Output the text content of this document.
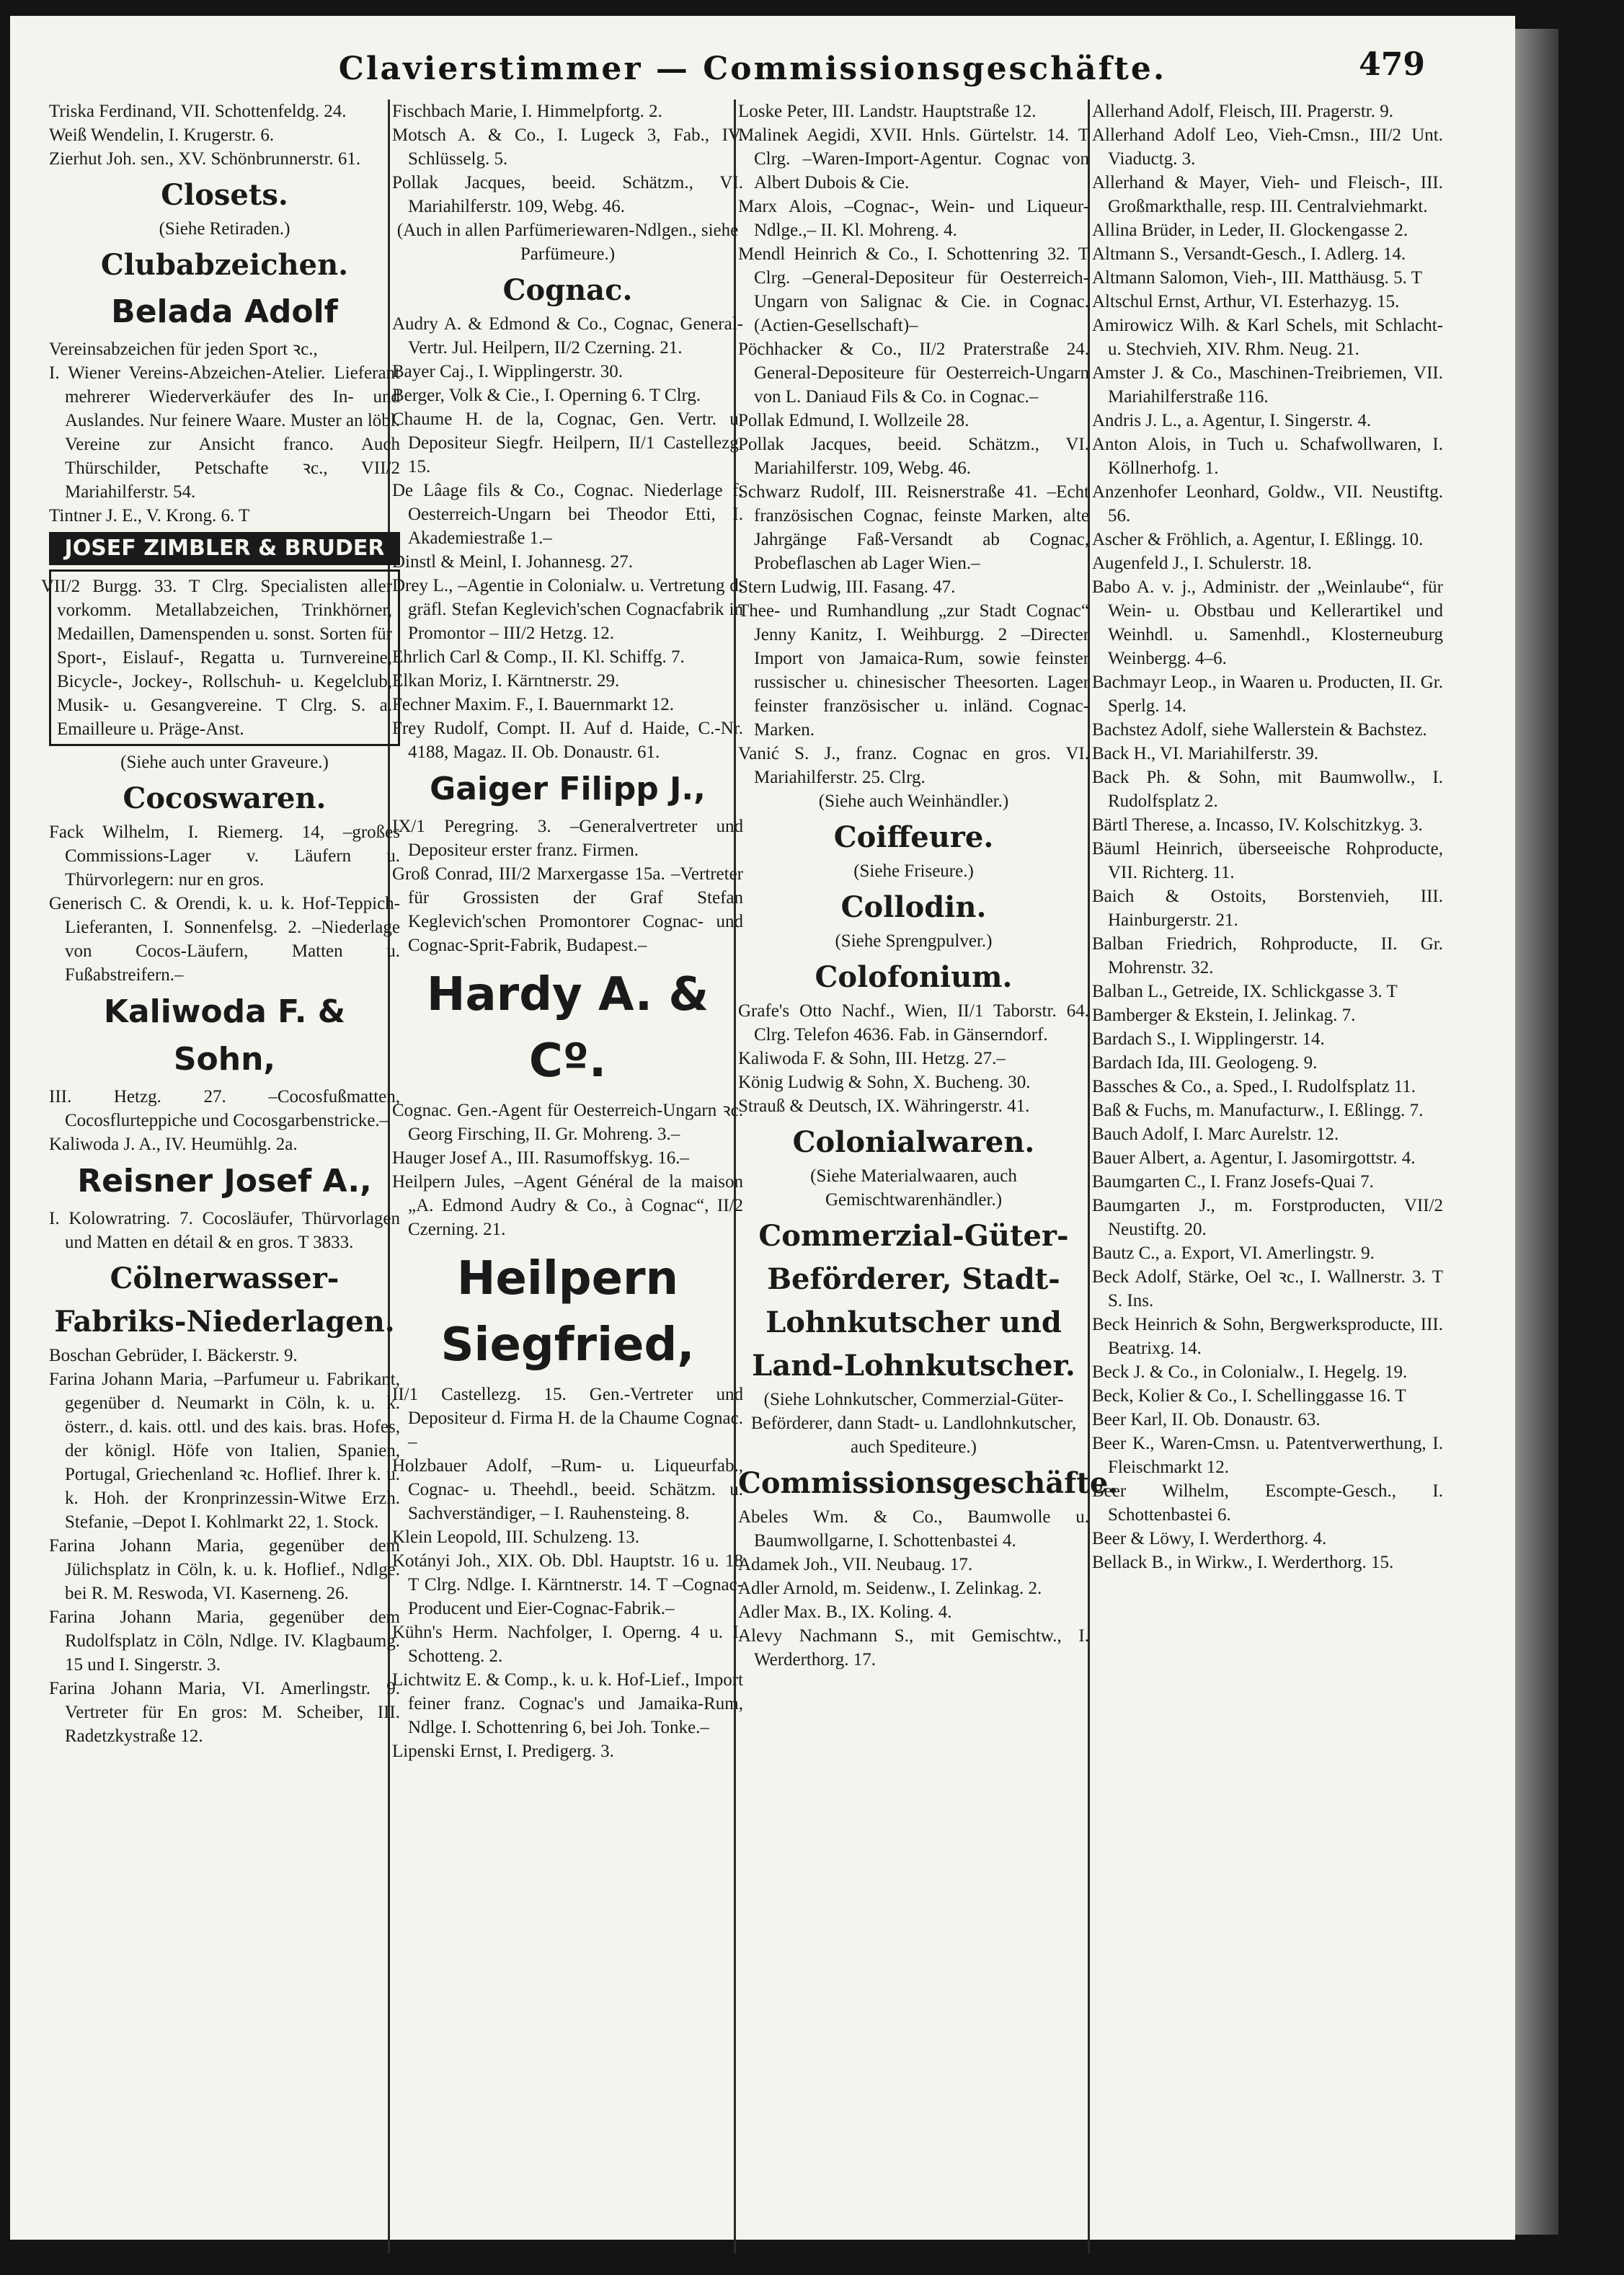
Claviers​timmer — Commissionsgeschäfte.	479
Triska Ferdinand, VII. Schottenfeldg. 24.
Weiß Wendelin, I. Krugerstr. 6.
Zierhut Joh. sen., XV. Schönbrunnerstr. 61.
Closets.
(Siehe Retiraden.)
Clubabzeichen.
Belada Adolf
Vereinsabzeichen für jeden Sport ꝛc.,
I. Wiener Vereins-Abzeichen-Atelier. Lieferant mehrerer Wiederverkäufer des In- und Auslandes. Nur feinere Waare. Muster an löbl. Vereine zur Ansicht franco. Auch Thürschilder, Petschafte ꝛc., VII/2 Mariahilferstr. 54.
Tintner J. E., V. Krong. 6. T
JOSEF ZIMBLER & BRUDER
VII/2 Burgg. 33. T Clrg. Specialisten aller vorkomm. Metallabzeichen, Trinkhörner, Medaillen, Damenspenden u. sonst. Sorten für Sport-, Eislauf-, Regatta u. Turnvereine, Bicycle-, Jockey-, Rollschuh- u. Kegelclub, Musik- u. Gesangvereine. T Clrg. S. a. Emailleure u. Präge-Anst.
(Siehe auch unter Graveure.)
Cocoswaren.
Fack Wilhelm, I. Riemerg. 14, –großes Commissions-Lager v. Läufern u. Thürvorlegern: nur en gros.
Generisch C. & Orendi, k. u. k. Hof-Teppich-Lieferanten, I. Sonnenfelsg. 2. –Niederlage von Cocos-Läufern, Matten u. Fußabstreifern.–
Kaliwoda F. & Sohn,
III. Hetzg. 27. –Cocosfußmatten, Cocosflurteppiche und Cocosgarbenstricke.–
Kaliwoda J. A., IV. Heumühlg. 2a.
Reisner Josef A.,
I. Kolowratring. 7. Cocosläufer, Thürvorlagen und Matten en détail & en gros. T 3833.
Cölnerwasser-Fabriks-Niederlagen.
Boschan Gebrüder, I. Bäckerstr. 9.
Farina Johann Maria, –Parfumeur u. Fabrikant, gegenüber d. Neumarkt in Cöln, k. u. k. österr., d. kais. ottl. und des kais. bras. Hofes, der königl. Höfe von Italien, Spanien, Portugal, Griechenland ꝛc. Hoflief. Ihrer k. u. k. Hoh. der Kronprinzessin-Witwe Erzh. Stefanie, –Depot I. Kohlmarkt 22, 1. Stock.
Farina Johann Maria, gegenüber dem Jülichsplatz in Cöln, k. u. k. Hoflief., Ndlge. bei R. M. Reswoda, VI. Kaserneng. 26.
Farina Johann Maria, gegenüber dem Rudolfsplatz in Cöln, Ndlge. IV. Klagbaumg. 15 und I. Singerstr. 3.
Farina Johann Maria, VI. Amerlingstr. 9. Vertreter für En gros: M. Scheiber, III. Radetzkystraße 12.
Fischbach Marie, I. Himmelpfortg. 2.
Motsch A. & Co., I. Lugeck 3, Fab., IV. Schlüsselg. 5.
Pollak Jacques, beeid. Schätzm., VI. Mariahilferstr. 109, Webg. 46.
(Auch in allen Parfümeriewaren-Ndlgen., siehe Parfümeure.)
Cognac.
Audry A. & Edmond & Co., Cognac, General-Vertr. Jul. Heilpern, II/2 Czerning. 21.
Bayer Caj., I. Wipplingerstr. 30.
Berger, Volk & Cie., I. Operning 6. T Clrg.
Chaume H. de la, Cognac, Gen. Vertr. u. Depositeur Siegfr. Heilpern, II/1 Castellezg. 15.
De Lâage fils & Co., Cognac. Niederlage f. Oesterreich-Ungarn bei Theodor Etti, I. Akademiestraße 1.–
Dinstl & Meinl, I. Johannesg. 27.
Drey L., –Agentie in Colonialw. u. Vertretung d. gräfl. Stefan Keglevich'schen Cognacfabrik in Promontor – III/2 Hetzg. 12.
Ehrlich Carl & Comp., II. Kl. Schiffg. 7.
Elkan Moriz, I. Kärntnerstr. 29.
Fechner Maxim. F., I. Bauernmarkt 12.
Frey Rudolf, Compt. II. Auf d. Haide, C.-Nr. 4188, Magaz. II. Ob. Donaustr. 61.
Gaiger Filipp J.,
IX/1 Peregring. 3. –Generalvertreter und Depositeur erster franz. Firmen.
Groß Conrad, III/2 Marxergasse 15a. –Vertreter für Grossisten der Graf Stefan Keglevich'schen Promontorer Cognac- und Cognac-Sprit-Fabrik, Budapest.–
Hardy A. & Cº.
Cognac. Gen.-Agent für Oesterreich-Ungarn ꝛc. Georg Firsching, II. Gr. Mohreng. 3.–
Hauger Josef A., III. Rasumoffskyg. 16.–
Heilpern Jules, –Agent Général de la maison „A. Edmond Audry & Co., à Cognac“, II/2 Czerning. 21.
Heilpern Siegfried,
II/1 Castellezg. 15. Gen.-Vertreter und Depositeur d. Firma H. de la Chaume Cognac. –
Holzbauer Adolf, –Rum- u. Liqueurfab., Cognac- u. Theehdl., beeid. Schätzm. u. Sachverständiger, – I. Rauhensteing. 8.
Klein Leopold, III. Schulzeng. 13.
Kotányi Joh., XIX. Ob. Dbl. Hauptstr. 16 u. 18 T Clrg. Ndlge. I. Kärntnerstr. 14. T –Cognac-Producent und Eier-Cognac-Fabrik.–
Kühn's Herm. Nachfolger, I. Operng. 4 u. I. Schotteng. 2.
Lichtwitz E. & Comp., k. u. k. Hof-Lief., Import feiner franz. Cognac's und Jamaika-Rum, Ndlge. I. Schottenring 6, bei Joh. Tonke.–
Lipenski Ernst, I. Predigerg. 3.
Loske Peter, III. Landstr. Hauptstraße 12.
Malinek Aegidi, XVII. Hnls. Gürtelstr. 14. T Clrg. –Waren-Import-Agentur. Cognac von Albert Dubois & Cie.
Marx Alois, –Cognac-, Wein- und Liqueur-Ndlge.,– II. Kl. Mohreng. 4.
Mendl Heinrich & Co., I. Schottenring 32. T Clrg. –General-Depositeur für Oesterreich-Ungarn von Salignac & Cie. in Cognac. (Actien-Gesellschaft)–
Pöchhacker & Co., II/2 Praterstraße 24. General-Depositeure für Oesterreich-Ungarn von L. Daniaud Fils & Co. in Cognac.–
Pollak Edmund, I. Wollzeile 28.
Pollak Jacques, beeid. Schätzm., VI. Mariahilferstr. 109, Webg. 46.
Schwarz Rudolf, III. Reisnerstraße 41. –Echt französischen Cognac, feinste Marken, alte Jahrgänge Faß-Versandt ab Cognac, Probeflaschen ab Lager Wien.–
Stern Ludwig, III. Fasang. 47.
Thee- und Rumhandlung „zur Stadt Cognac“ Jenny Kanitz, I. Weihburgg. 2 –Directer Import von Jamaica-Rum, sowie feinster russischer u. chinesischer Theesorten. Lager feinster französischer u. inländ. Cognac-Marken.
Vanić S. J., franz. Cognac en gros. VI. Mariahilferstr. 25. Clrg.
(Siehe auch Weinhändler.)
Coiffeure.
(Siehe Friseure.)
Collodin.
(Siehe Sprengpulver.)
Colofonium.
Grafe's Otto Nachf., Wien, II/1 Taborstr. 64. Clrg. Telefon 4636. Fab. in Gänserndorf.
Kaliwoda F. & Sohn, III. Hetzg. 27.–
König Ludwig & Sohn, X. Bucheng. 30.
Strauß & Deutsch, IX. Währingerstr. 41.
Colonialwaren.
(Siehe Materialwaaren, auch Gemischtwarenhändler.)
Commerzial-Güter-Beförderer, Stadt-Lohnkutscher und Land-Lohnkutscher.
(Siehe Lohnkutscher, Commerzial-Güter-Beförderer, dann Stadt- u. Landlohnkutscher, auch Spediteure.)
Commissionsgeschäfte.
Abeles Wm. & Co., Baumwolle u. Baumwollgarne, I. Schottenbastei 4.
Adamek Joh., VII. Neubaug. 17.
Adler Arnold, m. Seidenw., I. Zelinkag. 2.
Adler Max. B., IX. Koling. 4.
Alevy Nachmann S., mit Gemischtw., I. Werderthorg. 17.
Allerhand Adolf, Fleisch, III. Pragerstr. 9.
Allerhand Adolf Leo, Vieh-Cmsn., III/2 Unt. Viaductg. 3.
Allerhand & Mayer, Vieh- und Fleisch-, III. Großmarkthalle, resp. III. Centralviehmarkt.
Allina Brüder, in Leder, II. Glockengasse 2.
Altmann S., Versandt-Gesch., I. Adlerg. 14.
Altmann Salomon, Vieh-, III. Matthäusg. 5. T
Altschul Ernst, Arthur, VI. Esterhazyg. 15.
Amirowicz Wilh. & Karl Schels, mit Schlacht- u. Stechvieh, XIV. Rhm. Neug. 21.
Amster J. & Co., Maschinen-Treibriemen, VII. Mariahilferstraße 116.
Andris J. L., a. Agentur, I. Singerstr. 4.
Anton Alois, in Tuch u. Schafwollwaren, I. Köllnerhofg. 1.
Anzenhofer Leonhard, Goldw., VII. Neustiftg. 56.
Ascher & Fröhlich, a. Agentur, I. Eßlingg. 10.
Augenfeld J., I. Schulerstr. 18.
Babo A. v. j., Administr. der „Weinlaube“, für Wein- u. Obstbau und Kellerartikel und Weinhdl. u. Samenhdl., Klosterneuburg Weinbergg. 4–6.
Bachmayr Leop., in Waaren u. Producten, II. Gr. Sperlg. 14.
Bachstez Adolf, siehe Wallerstein & Bachstez.
Back H., VI. Mariahilferstr. 39.
Back Ph. & Sohn, mit Baumwollw., I. Rudolfsplatz 2.
Bärtl Therese, a. Incasso, IV. Kolschitzkyg. 3.
Bäuml Heinrich, überseeische Rohproducte, VII. Richterg. 11.
Baich & Ostoits, Borstenvieh, III. Hainburgerstr. 21.
Balban Friedrich, Rohproducte, II. Gr. Mohrenstr. 32.
Balban L., Getreide, IX. Schlickgasse 3. T
Bamberger & Ekstein, I. Jelinkag. 7.
Bardach S., I. Wipplingerstr. 14.
Bardach Ida, III. Geologeng. 9.
Bassches & Co., a. Sped., I. Rudolfsplatz 11.
Baß & Fuchs, m. Manufacturw., I. Eßlingg. 7.
Bauch Adolf, I. Marc Aurelstr. 12.
Bauer Albert, a. Agentur, I. Jasomirgottstr. 4.
Baumgarten C., I. Franz Josefs-Quai 7.
Baumgarten J., m. Forstproducten, VII/2 Neustiftg. 20.
Bautz C., a. Export, VI. Amerlingstr. 9.
Beck Adolf, Stärke, Oel ꝛc., I. Wallnerstr. 3. T S. Ins.
Beck Heinrich & Sohn, Bergwerksproducte, III. Beatrixg. 14.
Beck J. & Co., in Colonialw., I. Hegelg. 19.
Beck, Kolier & Co., I. Schellinggasse 16. T
Beer Karl, II. Ob. Donaustr. 63.
Beer K., Waren-Cmsn. u. Patentverwerthung, I. Fleischmarkt 12.
Beer Wilhelm, Escompte-Gesch., I. Schottenbastei 6.
Beer & Löwy, I. Werderthorg. 4.
Bellack B., in Wirkw., I. Werderthorg. 15.
